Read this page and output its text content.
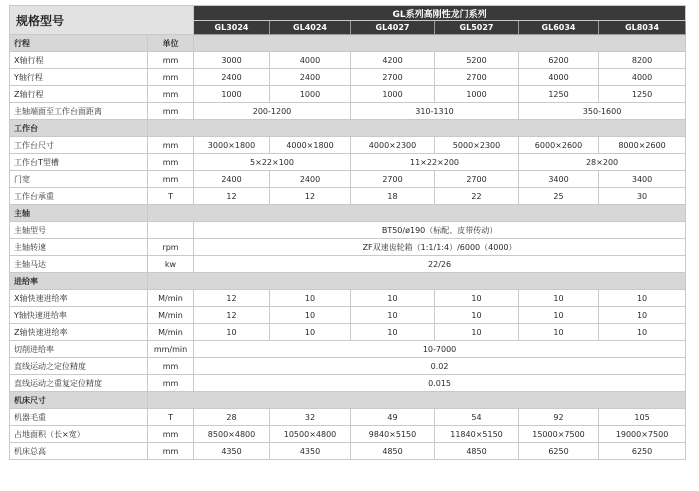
规格型号		GL系列高刚性龙门系列					
		GL3024	GL4024	GL4027	GL5027	GL6034	GL8034
行程	单位						
X轴行程	mm	3000	4000	4200	5200	6200	8200
Y轴行程	mm	2400	2400	2700	2700	4000	4000
Z轴行程	mm	1000	1000	1000	1000	1250	1250
主轴端面至工作台面距离	mm	200-1200		310-1310		350-1600	
工作台							
工作台尺寸	mm	3000×1800	4000×1800	4000×2300	5000×2300	6000×2600	8000×2600
工作台T型槽	mm	5×22×100		11×22×200		28×200	
门宽	mm	2400	2400	2700	2700	3400	3400
工作台承重	T	12	12	18	22	25	30
主轴							
主轴型号		BT50/ø190（标配、皮带传动）					
主轴转速	rpm	ZF双速齿轮箱（1:1/1:4）/6000（4000）					
主轴马达	kw	22/26					
进给率							
X轴快速进给率	M/min	12	10	10	10	10	10
Y轴快速进给率	M/min	12	10	10	10	10	10
Z轴快速进给率	M/min	10	10	10	10	10	10
切削进给率	mm/min	10-7000					
直线运动之定位精度	mm	0.02					
直线运动之重复定位精度	mm	0.015					
机床尺寸							
机器毛重	T	28	32	49	54	92	105
占地面积（长×宽）	mm	8500×4800	10500×4800	9840×5150	11840×5150	15000×7500	19000×7500
机床总高	mm	4350	4350	4850	4850	6250	6250
